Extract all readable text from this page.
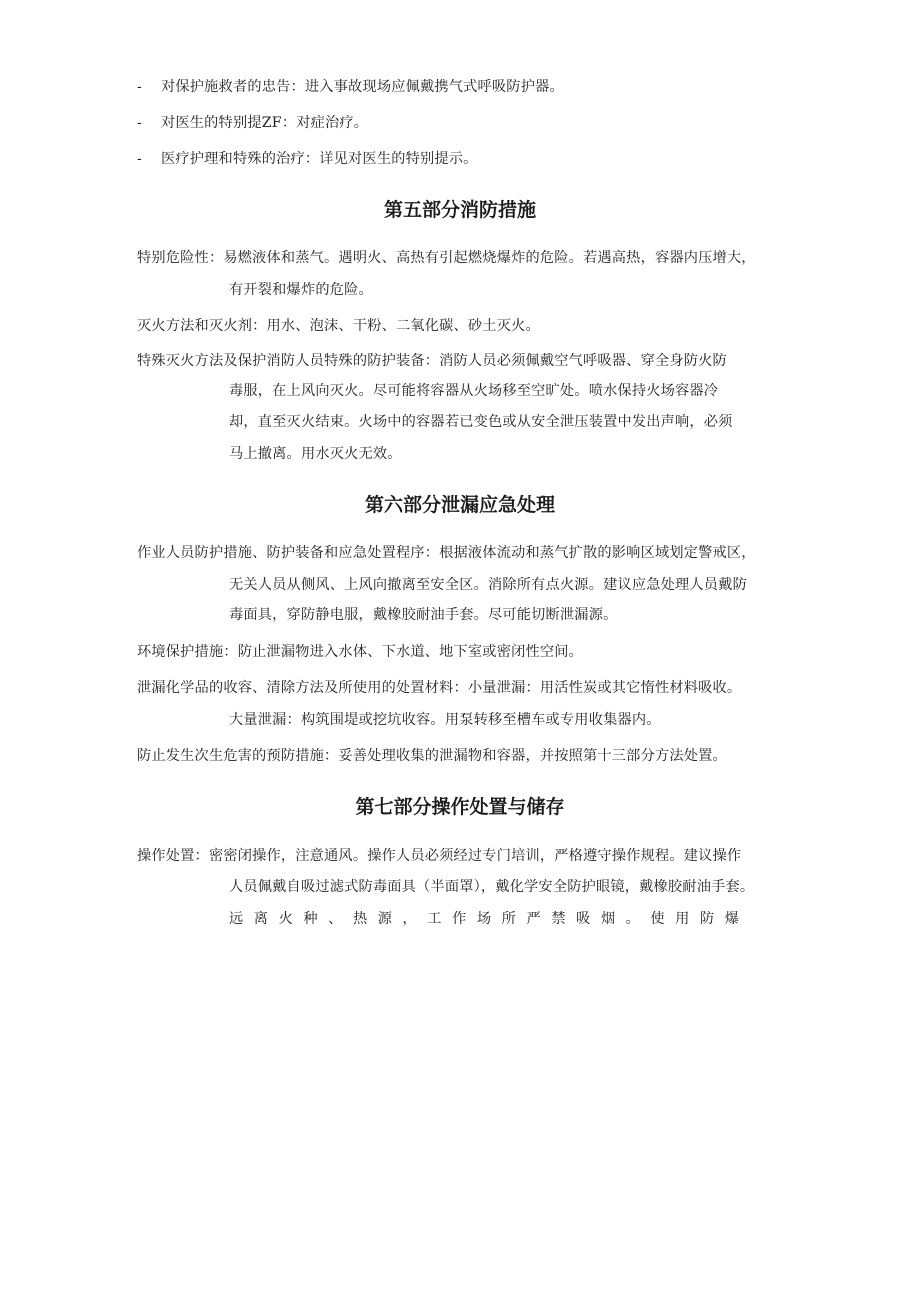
- 对保护施救者的忠告：进入事故现场应佩戴携气式呼吸防护器。
- 对医生的特别提ZF：对症治疗。
- 医疗护理和特殊的治疗：详见对医生的特别提示。
第五部分消防措施
特别危险性：易燃液体和蒸气。遇明火、高热有引起燃烧爆炸的危险。若遇高热，容器内压增大，
有开裂和爆炸的危险。
灭火方法和灭火剂：用水、泡沫、干粉、二氧化碳、砂土灭火。
特殊灭火方法及保护消防人员特殊的防护装备：消防人员必须佩戴空气呼吸器、穿全身防火防
毒服，在上风向灭火。尽可能将容器从火场移至空旷处。喷水保持火场容器冷
却，直至灭火结束。火场中的容器若已变色或从安全泄压装置中发出声响，必须
马上撤离。用水灭火无效。
第六部分泄漏应急处理
作业人员防护措施、防护装备和应急处置程序：根据液体流动和蒸气扩散的影响区域划定警戒区，
无关人员从侧风、上风向撤离至安全区。消除所有点火源。建议应急处理人员戴防
毒面具，穿防静电服，戴橡胶耐油手套。尽可能切断泄漏源。
环境保护措施：防止泄漏物进入水体、下水道、地下室或密闭性空间。
泄漏化学品的收容、清除方法及所使用的处置材料：小量泄漏：用活性炭或其它惰性材料吸收。
大量泄漏：构筑围堤或挖坑收容。用泵转移至槽车或专用收集器内。
防止发生次生危害的预防措施：妥善处理收集的泄漏物和容器，并按照第十三部分方法处置。
第七部分操作处置与储存
操作处置：密密闭操作，注意通风。操作人员必须经过专门培训，严格遵守操作规程。建议操作
人员佩戴自吸过滤式防毒面具（半面罩），戴化学安全防护眼镜，戴橡胶耐油手套。
远离火种、热源，工作场所严禁吸烟。使用防爆
